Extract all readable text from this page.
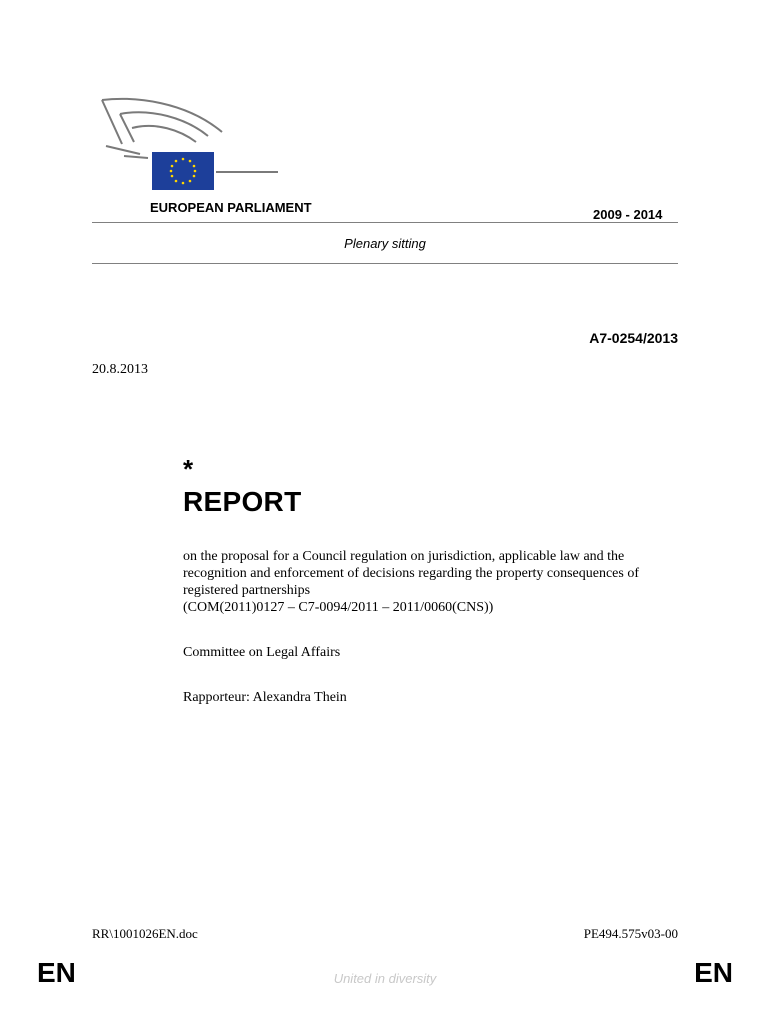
EUROPEAN PARLIAMENT	2009 - 2014
Plenary sitting
A7-0254/2013
20.8.2013
*
REPORT
on the proposal for a Council regulation on jurisdiction, applicable law and the recognition and enforcement of decisions regarding the property consequences of registered partnerships
(COM(2011)0127 – C7-0094/2011 – 2011/0060(CNS))
Committee on Legal Affairs
Rapporteur: Alexandra Thein
RR\1001026EN.doc	PE494.575v03-00
EN	United in diversity	EN
